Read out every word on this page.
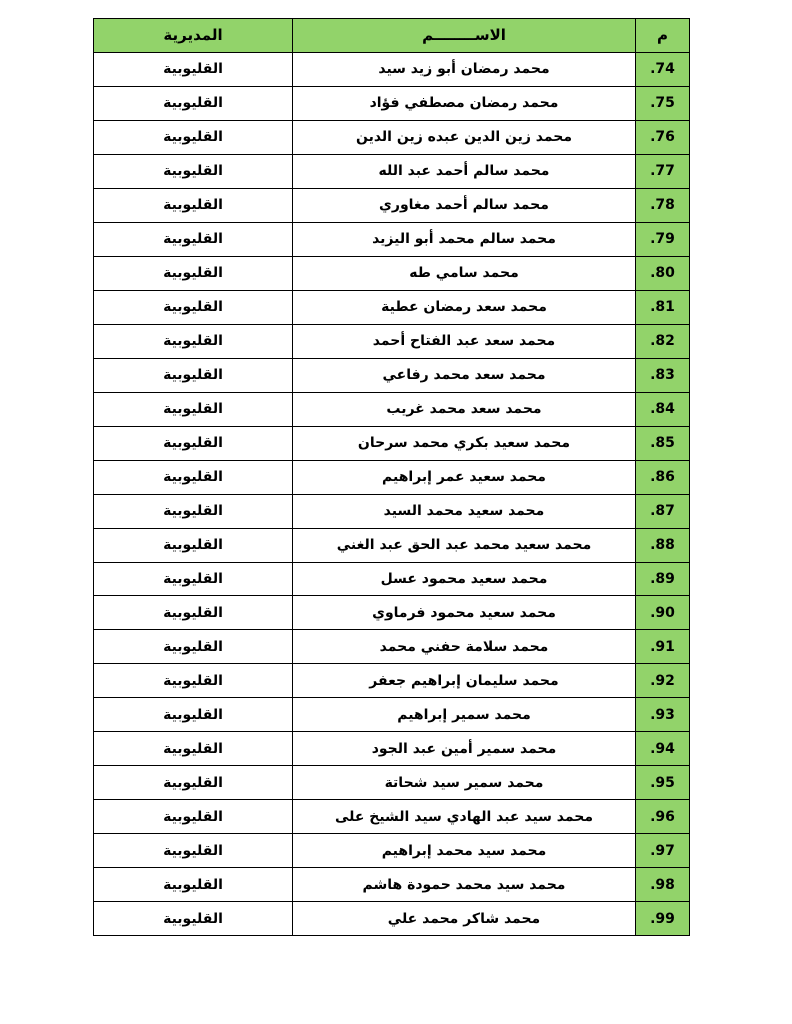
م	الاســــــــم	المديرية
.74	محمد رمضان أبو زيد سيد	القليوبية
.75	محمد رمضان مصطفي فؤاد	القليوبية
.76	محمد زين الدين عبده زين الدين	القليوبية
.77	محمد سالم أحمد عبد الله	القليوبية
.78	محمد سالم أحمد مغاوري	القليوبية
.79	محمد سالم محمد أبو اليزيد	القليوبية
.80	محمد سامي طه	القليوبية
.81	محمد سعد رمضان عطية	القليوبية
.82	محمد سعد عبد الفتاح أحمد	القليوبية
.83	محمد سعد محمد رفاعي	القليوبية
.84	محمد سعد محمد غريب	القليوبية
.85	محمد سعيد بكري محمد سرحان	القليوبية
.86	محمد سعيد عمر إبراهيم	القليوبية
.87	محمد سعيد محمد السيد	القليوبية
.88	محمد سعيد محمد عبد الحق عبد الغني	القليوبية
.89	محمد سعيد محمود عسل	القليوبية
.90	محمد سعيد محمود فرماوي	القليوبية
.91	محمد سلامة حفني محمد	القليوبية
.92	محمد سليمان إبراهيم جعفر	القليوبية
.93	محمد سمير إبراهيم	القليوبية
.94	محمد سمير أمين عبد الجود	القليوبية
.95	محمد سمير سيد شحاتة	القليوبية
.96	محمد سيد عبد الهادي سيد الشيخ على	القليوبية
.97	محمد سيد محمد إبراهيم	القليوبية
.98	محمد سيد محمد حمودة هاشم	القليوبية
.99	محمد شاكر محمد علي	القليوبية
